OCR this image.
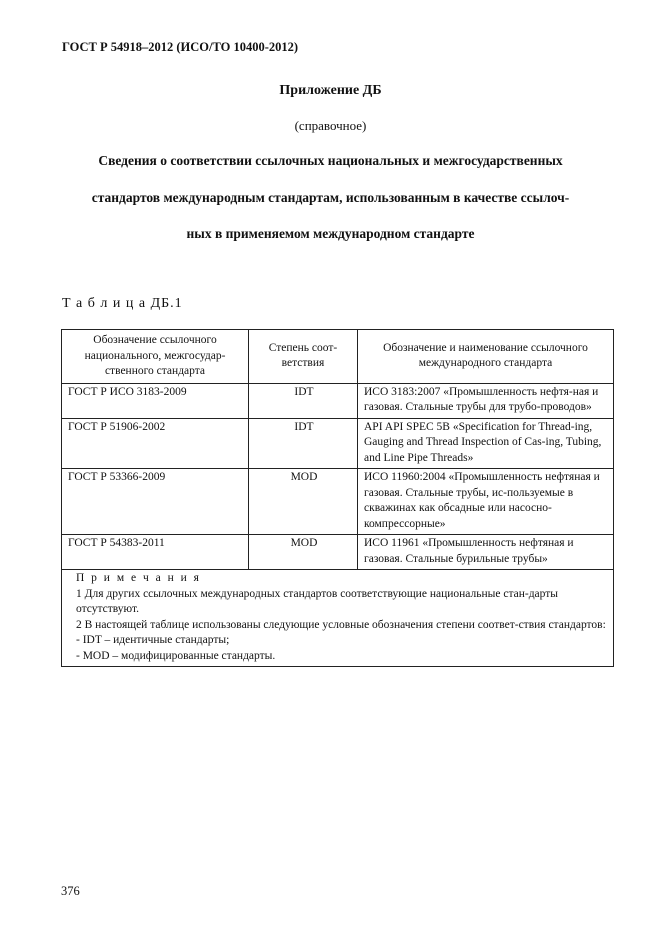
ГОСТ Р 54918–2012 (ИСО/ТО 10400-2012)
Приложение ДБ
(справочное)
Сведения о соответствии ссылочных национальных и межгосударственных
стандартов международным стандартам, использованным в качестве ссылоч-
ных в применяемом международном стандарте
Т а б л и ц а ДБ.1
Обозначение ссылочного национального, межгосудар-ственного стандарта	Степень соот-ветствия	Обозначение и наименование ссылочного международного стандарта
ГОСТ Р ИСО 3183-2009	IDT	ИСО 3183:2007 «Промышленность нефтя-ная и газовая. Стальные трубы для трубо-проводов»
ГОСТ Р 51906-2002	IDT	API API SPEC 5B «Specification for Thread-ing, Gauging and Thread Inspection of Cas-ing, Tubing, and Line Pipe Threads»
ГОСТ Р 53366-2009	MOD	ИСО 11960:2004 «Промышленность нефтяная и газовая. Стальные трубы, ис-пользуемые в скважинах как обсадные или насосно-компрессорные»
ГОСТ Р 54383-2011	MOD	ИСО 11961 «Промышленность нефтяная и газовая. Стальные бурильные трубы»

П р и м е ч а н и я
1 Для других ссылочных международных стандартов соответствующие национальные стан-дарты отсутствуют.
2 В настоящей таблице использованы следующие условные обозначения степени соответ-ствия стандартов:
- IDT – идентичные стандарты;
- MOD – модифицированные стандарты.		
376
